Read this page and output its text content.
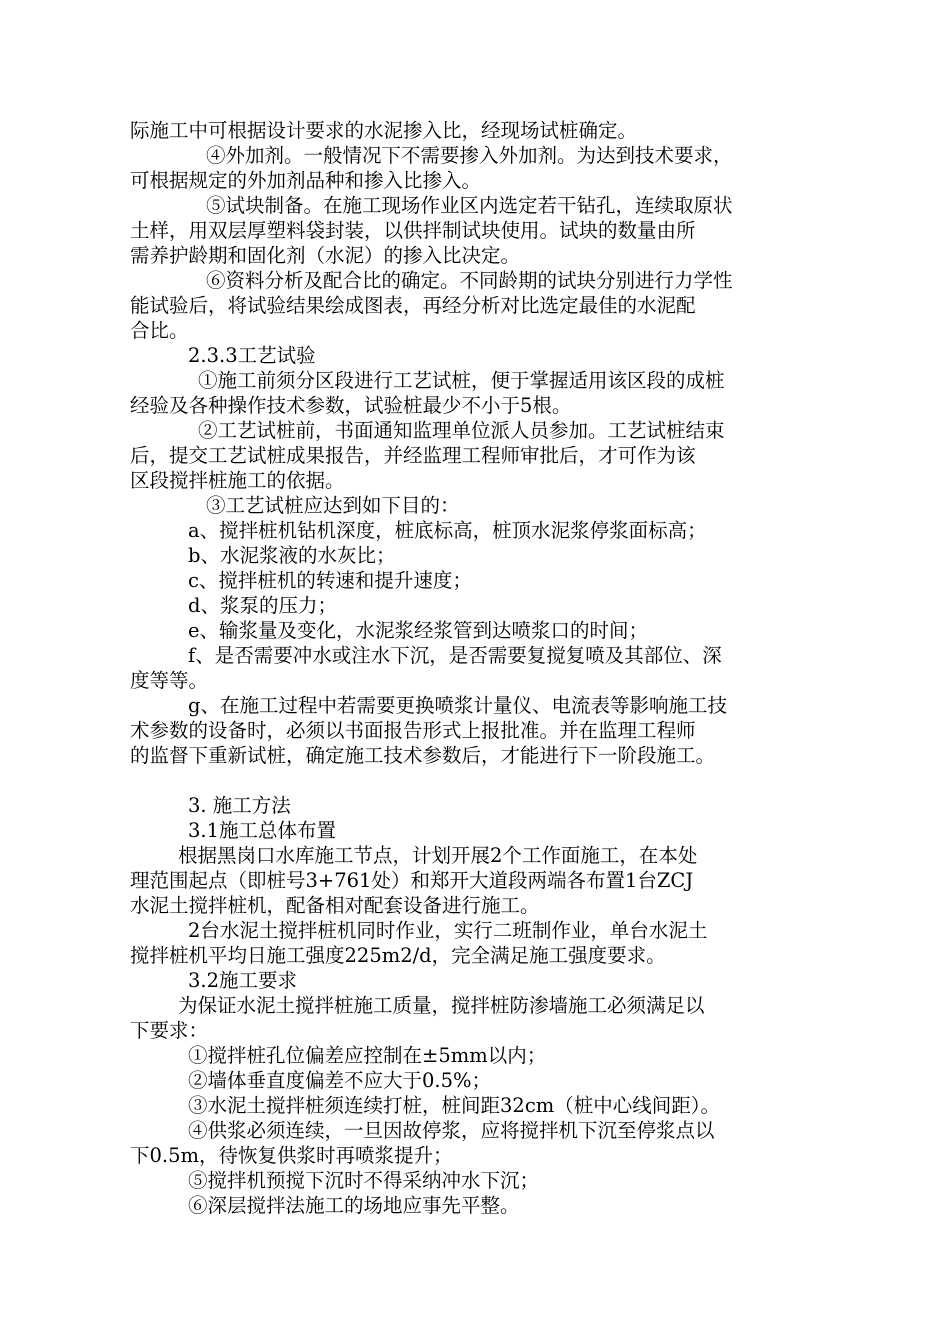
际施工中可根据设计要求的水泥掺入比，经现场试桩确定。
④外加剂。一般情况下不需要掺入外加剂。为达到技术要求，
可根据规定的外加剂品种和掺入比掺入。
⑤试块制备。在施工现场作业区内选定若干钻孔，连续取原状
土样，用双层厚塑料袋封装，以供拌制试块使用。试块的数量由所
需养护龄期和固化剂（水泥）的掺入比决定。
⑥资料分析及配合比的确定。不同龄期的试块分别进行力学性
能试验后，将试验结果绘成图表，再经分析对比选定最佳的水泥配
合比。
2.3.3工艺试验
①施工前须分区段进行工艺试桩，便于掌握适用该区段的成桩
经验及各种操作技术参数，试验桩最少不小于5根。
②工艺试桩前，书面通知监理单位派人员参加。工艺试桩结束
后，提交工艺试桩成果报告，并经监理工程师审批后，才可作为该
区段搅拌桩施工的依据。
③工艺试桩应达到如下目的：
a、搅拌桩机钻机深度，桩底标高，桩顶水泥浆停浆面标高；
b、水泥浆液的水灰比；
c、搅拌桩机的转速和提升速度；
d、浆泵的压力；
e、输浆量及变化，水泥浆经浆管到达喷浆口的时间；
f、是否需要冲水或注水下沉，是否需要复搅复喷及其部位、深
度等等。
g、在施工过程中若需要更换喷浆计量仪、电流表等影响施工技
术参数的设备时，必须以书面报告形式上报批准。并在监理工程师
的监督下重新试桩，确定施工技术参数后，才能进行下一阶段施工。
3. 施工方法
3.1施工总体布置
根据黑岗口水库施工节点，计划开展2个工作面施工，在本处
理范围起点（即桩号3+761处）和郑开大道段两端各布置1台ZCJ
水泥土搅拌桩机，配备相对配套设备进行施工。
2台水泥土搅拌桩机同时作业，实行二班制作业，单台水泥土
搅拌桩机平均日施工强度225m2/d，完全满足施工强度要求。
3.2施工要求
为保证水泥土搅拌桩施工质量，搅拌桩防渗墙施工必须满足以
下要求：
①搅拌桩孔位偏差应控制在±5mm以内；
②墙体垂直度偏差不应大于0.5%；
③水泥土搅拌桩须连续打桩，桩间距32cm（桩中心线间距）。
④供浆必须连续，一旦因故停浆，应将搅拌机下沉至停浆点以
下0.5m，待恢复供浆时再喷浆提升；
⑤搅拌机预搅下沉时不得采纳冲水下沉；
⑥深层搅拌法施工的场地应事先平整。
